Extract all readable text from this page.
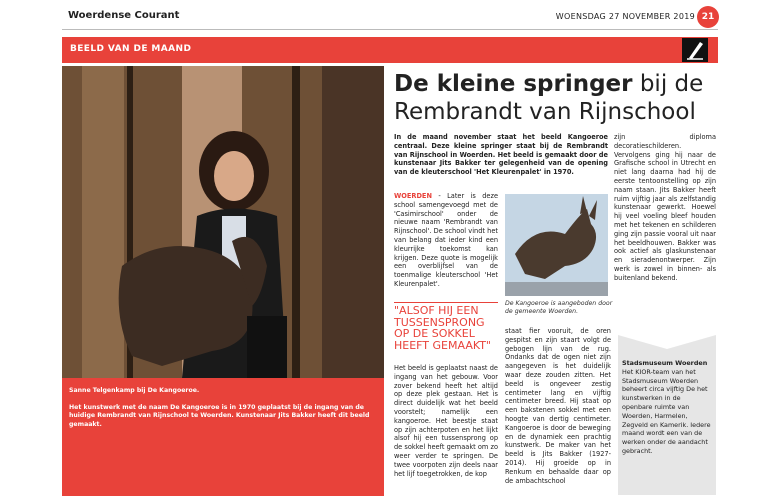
Woerdense Courant	WOENSDAG 27 NOVEMBER 2019 21
BEELD VAN DE MAAND
Sanne Telgenkamp bij De Kangoeroe.
Het kunstwerk met de naam De Kangoeroe is in 1970 geplaatst bij de ingang van de huidige Rembrandt van Rijnschool te Woerden. Kunstenaar Jits Bakker heeft dit beeld gemaakt.
De kleine springer bij de Rembrandt van Rijnschool
In de maand november staat het beeld Kangoeroe centraal. Deze kleine springer staat bij de Rembrandt van Rijnschool in Woerden. Het beeld is gemaakt door de kunstenaar Jits Bakker ter gelegenheid van de opening van de kleuterschool 'Het Kleurenpalet' in 1970.
WOERDEN - Later is deze school samengevoegd met de 'Casimirschool' onder de nieuwe naam 'Rembrandt van Rijnschool'. De school vindt het van belang dat ieder kind een kleurrijke toekomst kan krijgen. Deze quote is mogelijk een overblijfsel van de toenmalige kleuterschool 'Het Kleurenpalet'.
"ALSOF HIJ EEN TUSSENSPRONG OP DE SOKKEL HEEFT GEMAAKT"
Het beeld is geplaatst naast de ingang van het gebouw. Voor zover bekend heeft het altijd op deze plek gestaan. Het is direct duidelijk wat het beeld voorstelt; namelijk een kangoeroe. Het beestje staat op zijn achterpoten en het lijkt alsof hij een tussensprong op de sokkel heeft gemaakt om zo weer verder te springen. De twee voorpoten zijn deels naar het lijf toegetrokken, de kop
De Kangoeroe is aangeboden door de gemeente Woerden.
staat fier vooruit, de oren gespitst en zijn staart volgt de gebogen lijn van de rug. Ondanks dat de ogen niet zijn aangegeven is het duidelijk waar deze zouden zitten. Het beeld is ongeveer zestig centimeter lang en vijftig centimeter breed. Hij staat op een bakstenen sokkel met een hoogte van dertig centimeter. Kangoeroe is door de beweging en de dynamiek een prachtig kunstwerk. De maker van het beeld is Jits Bakker (1927-2014). Hij groeide op in Renkum en behaalde daar op de ambachtschool
zijn diploma decoratieschilderen. Vervolgens ging hij naar de Grafische school in Utrecht en niet lang daarna had hij de eerste tentoonstelling op zijn naam staan. Jits Bakker heeft ruim vijftig jaar als zelfstandig kunstenaar gewerkt. Hoewel hij veel voeling bleef houden met het tekenen en schilderen ging zijn passie vooral uit naar het beeldhouwen. Bakker was ook actief als glaskunstenaar en sieradenontwerper. Zijn werk is zowel in binnen- als buitenland bekend.
Stadsmuseum Woerden
Het KIOR-team van het Stadsmuseum Woerden beheert circa vijftig De het kunstwerken in de openbare ruimte van Woerden, Harmelen, Zegveld en Kamerik. Iedere maand wordt een van de werken onder de aandacht gebracht.
